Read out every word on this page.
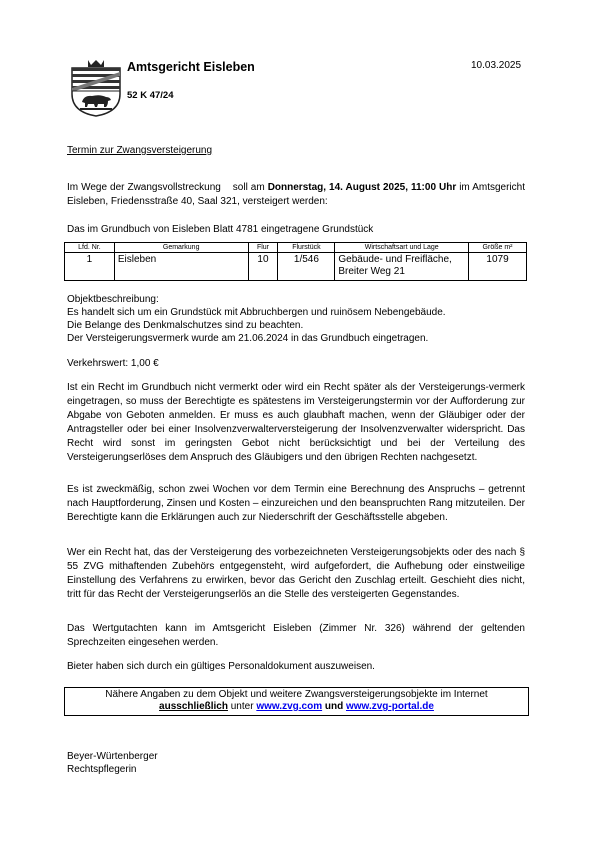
Amtsgericht Eisleben
52 K 47/24
10.03.2025
Termin zur Zwangsversteigerung
Im Wege der Zwangsvollstreckung    soll am Donnerstag, 14. August 2025, 11:00 Uhr im Amtsgericht Eisleben, Friedensstraße 40, Saal 321, versteigert werden:
Das im Grundbuch von Eisleben Blatt 4781 eingetragene Grundstück
Lfd. Nr.	Gemarkung	Flur	Flurstück	Wirtschaftsart und Lage	Größe m²
1	Eisleben	10	1/546	Gebäude- und Freifläche, Breiter Weg 21	1079

Objektbeschreibung:

Es handelt sich um ein Grundstück mit Abbruchbergen und ruinösem Nebengebäude.

Die Belange des Denkmalschutzes sind zu beachten.

Der Versteigerungsvermerk wurde am 21.06.2024 in das Grundbuch eingetragen.

Verkehrswert: 1,00 €
Ist ein Recht im Grundbuch nicht vermerkt oder wird ein Recht später als der Versteigerungs-vermerk eingetragen, so muss der Berechtigte es spätestens im Versteigerungstermin vor der Aufforderung zur Abgabe von Geboten anmelden. Er muss es auch glaubhaft machen, wenn der Gläubiger oder der Antragsteller oder bei einer Insolvenzverwalterversteigerung der Insolvenzverwalter widerspricht. Das Recht wird sonst im geringsten Gebot nicht berücksichtigt und bei der Verteilung des Versteigerungserlöses dem Anspruch des Gläubigers und den übrigen Rechten nachgesetzt.
Es ist zweckmäßig, schon zwei Wochen vor dem Termin eine Berechnung des Anspruchs – getrennt nach Hauptforderung, Zinsen und Kosten – einzureichen und den beanspruchten Rang mitzuteilen. Der Berechtigte kann die Erklärungen auch zur Niederschrift der Geschäftsstelle abgeben.
Wer ein Recht hat, das der Versteigerung des vorbezeichneten Versteigerungsobjekts oder des nach § 55 ZVG mithaftenden Zubehörs entgegensteht, wird aufgefordert, die Aufhebung oder einstweilige Einstellung des Verfahrens zu erwirken, bevor das Gericht den Zuschlag erteilt. Geschieht dies nicht, tritt für das Recht der Versteigerungserlös an die Stelle des versteigerten Gegenstandes.
Das Wertgutachten kann im Amtsgericht Eisleben (Zimmer Nr. 326) während der geltenden Sprechzeiten eingesehen werden.
Bieter haben sich durch ein gültiges Personaldokument auszuweisen.
Nähere Angaben zu dem Objekt und weitere Zwangsversteigerungsobjekte im Internet
ausschließlich unter www.zvg.com und www.zvg-portal.de
Beyer-Würtenberger
Rechtspflegerin
